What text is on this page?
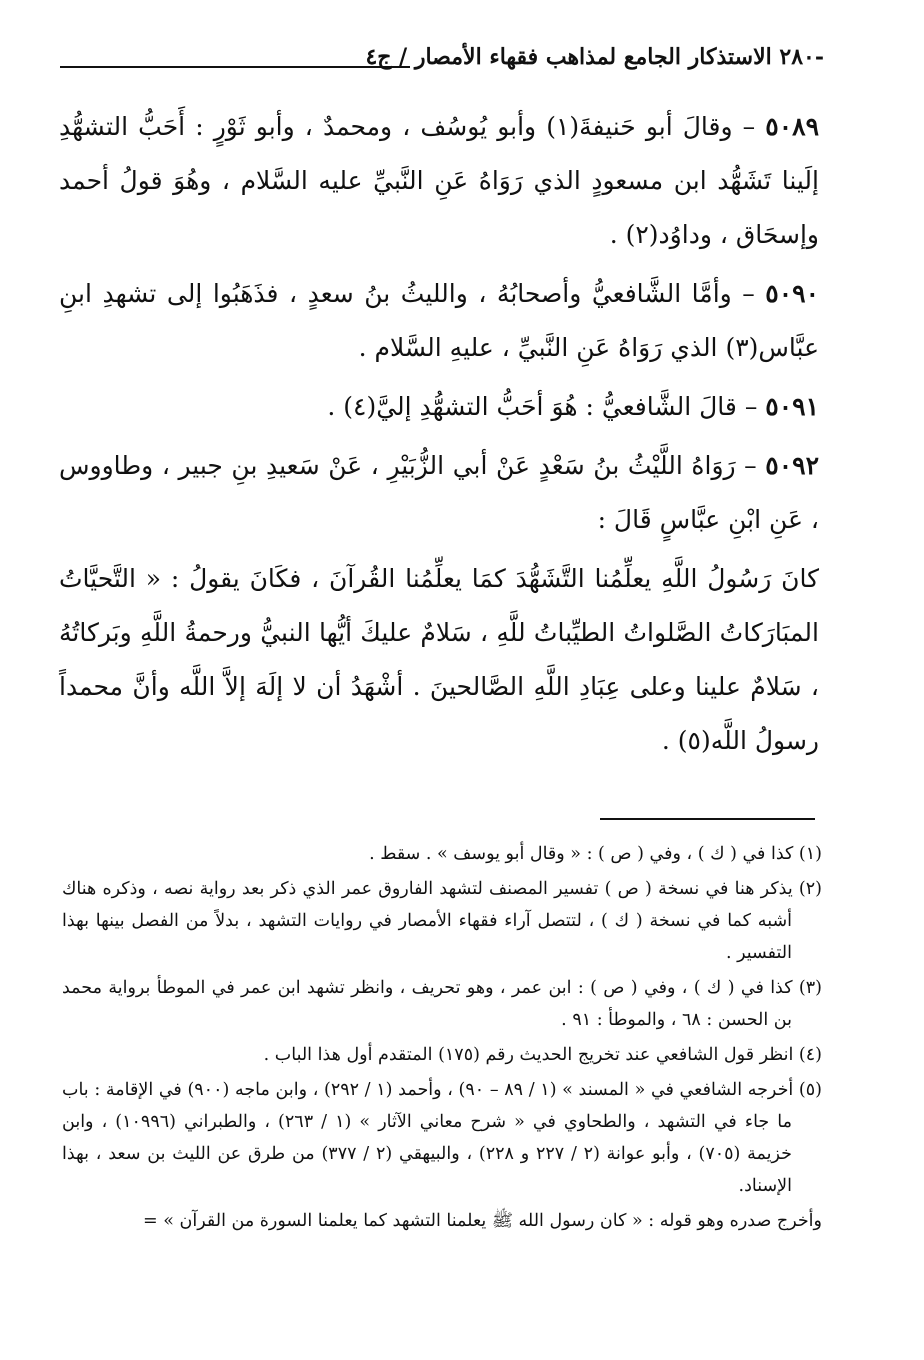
-٢٨٠ الاستذكار الجامع لمذاهب فقهاء الأمصار / ج٤

٥٠٨٩ – وقالَ أبو حَنيفةَ(١) وأبو يُوسُف ، ومحمدٌ ، وأبو ثَوْرٍ : أَحَبُّ التشهُّدِ إلَينا تَشَهُّد ابن مسعودٍ الذي رَوَاهُ عَنِ النَّبيِّ عليه السَّلام ، وهُوَ قولُ أحمد وإسحَاق ، وداوُد(٢) .

٥٠٩٠ – وأمَّا الشَّافعيُّ وأصحابُهُ ، والليثُ بنُ سعدٍ ، فذَهَبُوا إلى تشهدِ ابنِ عبَّاس(٣) الذي رَوَاهُ عَنِ النَّبيِّ ، عليهِ السَّلام .

٥٠٩١ – قالَ الشَّافعيُّ : هُوَ أحَبُّ التشهُّدِ إليَّ(٤) .

٥٠٩٢ – رَوَاهُ اللَّيْثُ بنُ سَعْدٍ عَنْ أبي الزُّبَيْرِ ، عَنْ سَعيدِ بنِ جبير ، وطاووس ، عَنِ ابْنِ عبَّاسٍ قَالَ :

كانَ رَسُولُ اللَّهِ يعلِّمُنا التَّشَهُّدَ كمَا يعلِّمُنا القُرآنَ ، فكَانَ يقولُ : « التَّحيَّاتُ المبَارَكاتُ الصَّلواتُ الطيِّباتُ للَّهِ ، سَلامٌ عليكَ أيُّها النبيُّ ورحمةُ اللَّهِ وبَركاتُهُ ، سَلامٌ علينا وعلى عِبَادِ اللَّهِ الصَّالحينَ . أشْهَدُ أن لا إلَهَ إلاَّ اللَّه وأنَّ محمداً رسولُ اللَّه(٥) .

(١) كذا في ( ك ) ، وفي ( ص ) : « وقال أبو يوسف » . سقط .

(٢) يذكر هنا في نسخة ( ص ) تفسير المصنف لتشهد الفاروق عمر الذي ذكر بعد رواية نصه ، وذكره هناك أشبه كما في نسخة ( ك ) ، لتتصل آراء فقهاء الأمصار في روايات التشهد ، بدلاً من الفصل بينها بهذا التفسير .

(٣) كذا في ( ك ) ، وفي ( ص ) : ابن عمر ، وهو تحريف ، وانظر تشهد ابن عمر في الموطأ برواية محمد بن الحسن : ٦٨ ، والموطأ : ٩١ .

(٤) انظر قول الشافعي عند تخريج الحديث رقم (١٧٥) المتقدم أول هذا الباب .

(٥) أخرجه الشافعي في « المسند » (١ / ٨٩ – ٩٠) ، وأحمد (١ / ٢٩٢) ، وابن ماجه (٩٠٠) في الإقامة : باب ما جاء في التشهد ، والطحاوي في « شرح معاني الآثار » (١ / ٢٦٣) ، والطبراني (١٠٩٩٦) ، وابن خزيمة (٧٠٥) ، وأبو عوانة (٢ / ٢٢٧ و ٢٢٨) ، والبيهقي (٢ / ٣٧٧) من طرق عن الليث بن سعد ، بهذا الإسناد.

وأخرج صدره وهو قوله : « كان رسول الله ﷺ يعلمنا التشهد كما يعلمنا السورة من القرآن » =
